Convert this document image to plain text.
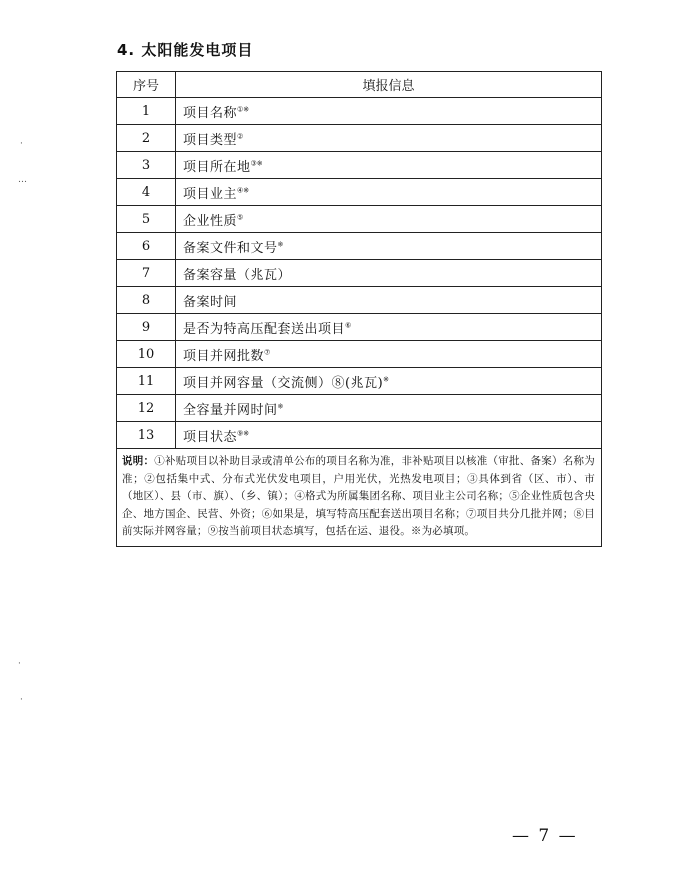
4. 太阳能发电项目
序号	填报信息
1	项目名称①※
2	项目类型②
3	项目所在地③※
4	项目业主④※
5	企业性质⑤
6	备案文件和文号※
7	备案容量（兆瓦）
8	备案时间
9	是否为特高压配套送出项目⑥
10	项目并网批数⑦
11	项目并网容量（交流侧）⑧(兆瓦)※
12	全容量并网时间※
13	项目状态⑨※
说明：①补贴项目以补助目录或清单公布的项目名称为准，非补贴项目以核准（审批、备案）名称为准；②包括集中式、分布式光伏发电项目，户用光伏，光热发电项目；③具体到省（区、市）、市（地区）、县（市、旗）、（乡、镇）；④格式为所属集团名称、项目业主公司名称；⑤企业性质包含央企、地方国企、民营、外资；⑥如果是，填写特高压配套送出项目名称；⑦项目共分几批并网；⑧目前实际并网容量；⑨按当前项目状态填写，包括在运、退役。※为必填项。	
— 7 —
·
…
·
·
